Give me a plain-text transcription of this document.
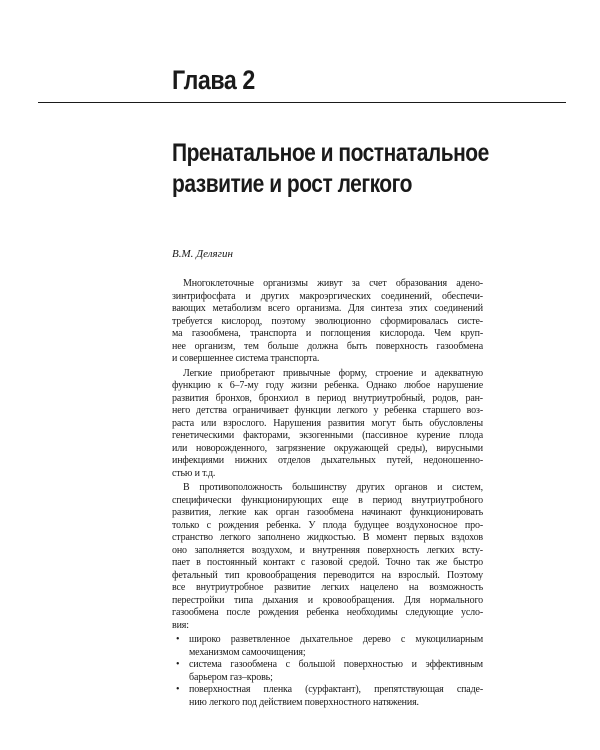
Глава 2
Пренатальное и постнатальное
развитие и рост легкого
В.М. Делягин

Многоклеточные организмы живут за счет образования адено-
зинтрифосфата и других макроэргических соединений, обеспечи-
вающих метаболизм всего организма. Для синтеза этих соединений
требуется кислород, поэтому эволюционно сформировалась систе-
ма газообмена, транспорта и поглощения кислорода. Чем круп-
нее организм, тем больше должна быть поверхность газообмена
и совершеннее система транспорта.

Легкие приобретают привычные форму, строение и адекватную
функцию к 6–7-му году жизни ребенка. Однако любое нарушение
развития бронхов, бронхиол в период внутриутробный, родов, ран-
него детства ограничивает функции легкого у ребенка старшего воз-
раста или взрослого. Нарушения развития могут быть обусловлены
генетическими факторами, экзогенными (пассивное курение плода
или новорожденного, загрязнение окружающей среды), вирусными
инфекциями нижних отделов дыхательных путей, недоношенно-
стью и т.д.

В противоположность большинству других органов и систем,
специфически функционирующих еще в период внутриутробного
развития, легкие как орган газообмена начинают функционировать
только с рождения ребенка. У плода будущее воздухоносное про-
странство легкого заполнено жидкостью. В момент первых вздохов
оно заполняется воздухом, и внутренняя поверхность легких всту-
пает в постоянный контакт с газовой средой. Точно так же быстро
фетальный тип кровообращения переводится на взрослый. Поэтому
все внутриутробное развитие легких нацелено на возможность
перестройки типа дыхания и кровообращения. Для нормального
газообмена после рождения ребенка необходимы следующие усло-
вия:

• широко разветвленное дыхательное дерево с мукоцилиарным
механизмом самоочищения;
• система газообмена с большой поверхностью и эффективным
барьером газ–кровь;
• поверхностная пленка (сурфактант), препятствующая спаде-
нию легкого под действием поверхностного натяжения.
